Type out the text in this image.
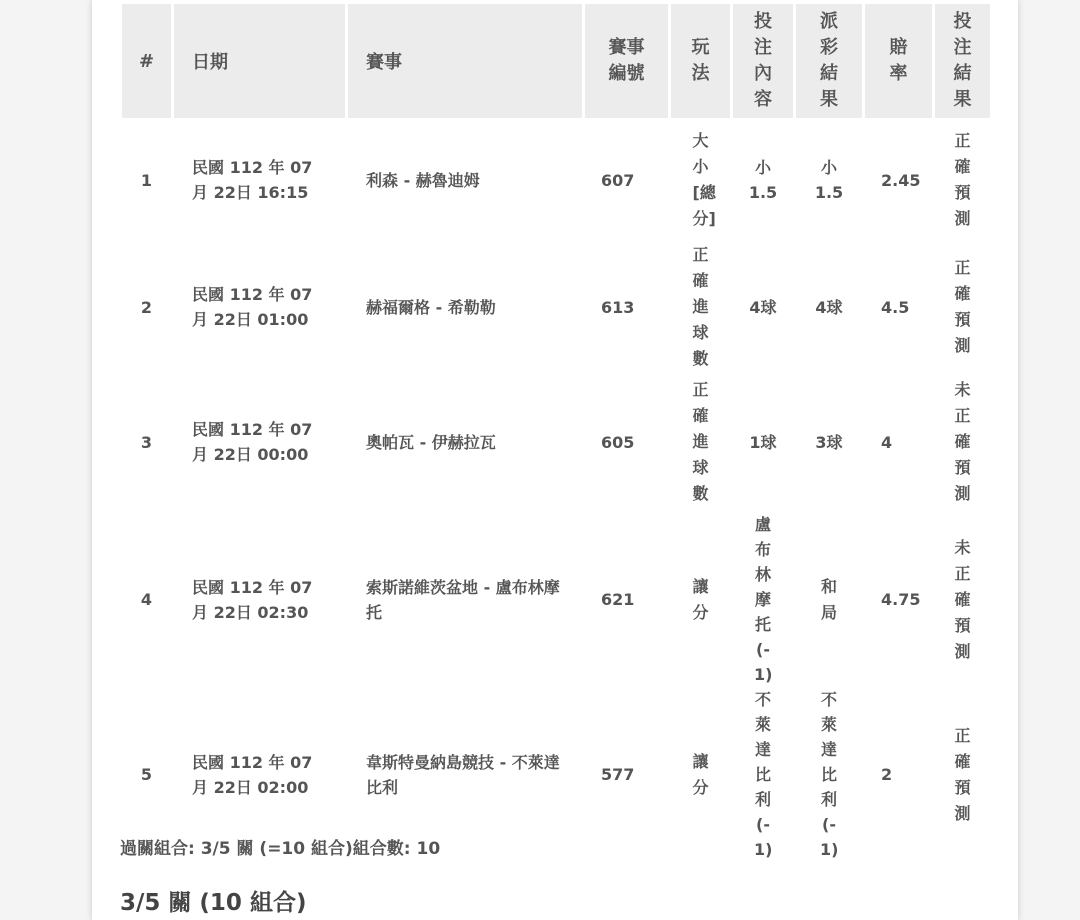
#	日期	賽事	賽事編號	玩法	投注內容	派彩結果	賠率	投注結果
1	民國 112 年 07月 22日 16:15	利森 - 赫魯迪姆	607	大小[總分]	小 1.5	小 1.5	2.45	正確預測
2	民國 112 年 07月 22日 01:00	赫福爾格 - 希勒勒	613	正確進球數	4球	4球	4.5	正確預測
3	民國 112 年 07月 22日 00:00	奧帕瓦 - 伊赫拉瓦	605	正確進球數	1球	3球	4	未正確預測
4	民國 112 年 07月 22日 02:30	索斯諾維茨盆地 - 盧布林摩托	621	讓分	盧布林摩托(-1)	和局	4.75	未正確預測
5	民國 112 年 07月 22日 02:00	韋斯特曼納島競技 - 不萊達比利	577	讓分	不萊達比利(-1)	不萊達比利(-1)	2	正確預測
過關組合: 3/5 關 (=10 組合)組合數: 10
3/5 關 (10 組合)
